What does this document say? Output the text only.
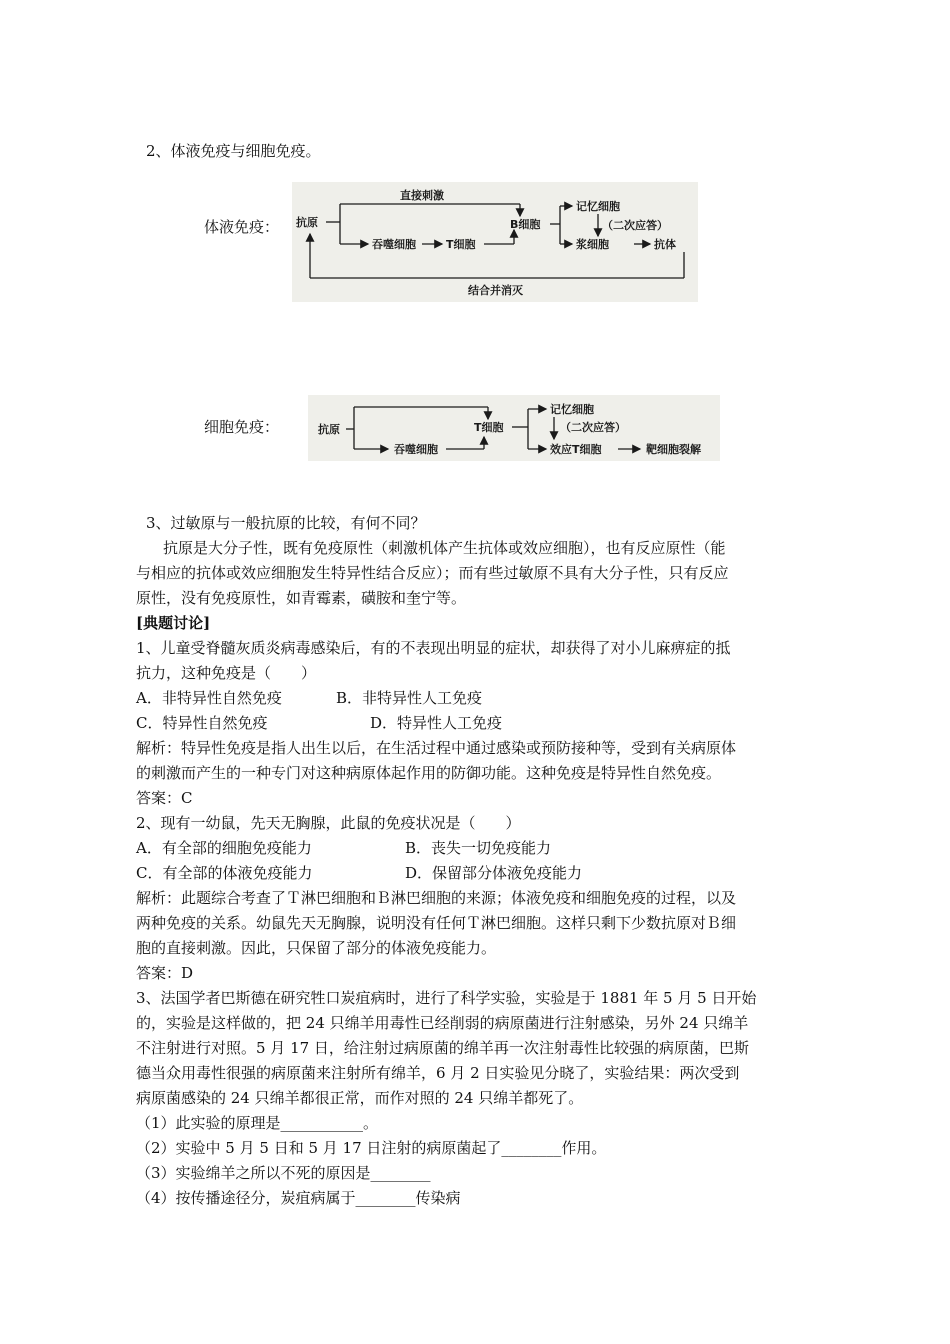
2、体液免疫与细胞免疫。
体液免疫： 抗原
直接刺激
吞噬细胞	T细胞
B细胞
记忆细胞
（二次应答）
浆细胞	抗体
结合并消灭
细胞免疫：	抗原
吞噬细胞
T细胞
记忆细胞
（二次应答）
效应T细胞	靶细胞裂解
3、过敏原与一般抗原的比较，有何不同？
抗原是大分子性，既有免疫原性（刺激机体产生抗体或效应细胞），也有反应原性（能
与相应的抗体或效应细胞发生特异性结合反应）；而有些过敏原不具有大分子性，只有反应
原性，没有免疫原性，如青霉素，磺胺和奎宁等。
[典题讨论]
1、儿童受脊髓灰质炎病毒感染后，有的不表现出明显的症状，却获得了对小儿麻痹症的抵
抗力，这种免疫是（　　）
A．非特异性自然免疫	B．非特异性人工免疫
C．特异性自然免疫	D．特异性人工免疫
解析：特异性免疫是指人出生以后，在生活过程中通过感染或预防接种等，受到有关病原体
的刺激而产生的一种专门对这种病原体起作用的防御功能。这种免疫是特异性自然免疫。
答案：C
2、现有一幼鼠，先天无胸腺，此鼠的免疫状况是（　　）
A．有全部的细胞免疫能力	B．丧失一切免疫能力
C．有全部的体液免疫能力	D．保留部分体液免疫能力
解析：此题综合考查了Ｔ淋巴细胞和Ｂ淋巴细胞的来源；体液免疫和细胞免疫的过程，以及
两种免疫的关系。幼鼠先天无胸腺，说明没有任何Ｔ淋巴细胞。这样只剩下少数抗原对Ｂ细
胞的直接刺激。因此，只保留了部分的体液免疫能力。
答案：D
3、法国学者巴斯德在研究牲口炭疽病时，进行了科学实验，实验是于 1881 年 5 月 5 日开始
的，实验是这样做的，把 24 只绵羊用毒性已经削弱的病原菌进行注射感染，另外 24 只绵羊
不注射进行对照。5 月 17 日，给注射过病原菌的绵羊再一次注射毒性比较强的病原菌，巴斯
德当众用毒性很强的病原菌来注射所有绵羊，6 月 2 日实验见分晓了，实验结果：两次受到
病原菌感染的 24 只绵羊都很正常，而作对照的 24 只绵羊都死了。
（1）此实验的原理是___________。
（2）实验中 5 月 5 日和 5 月 17 日注射的病原菌起了________作用。
（3）实验绵羊之所以不死的原因是________
（4）按传播途径分，炭疽病属于________传染病
